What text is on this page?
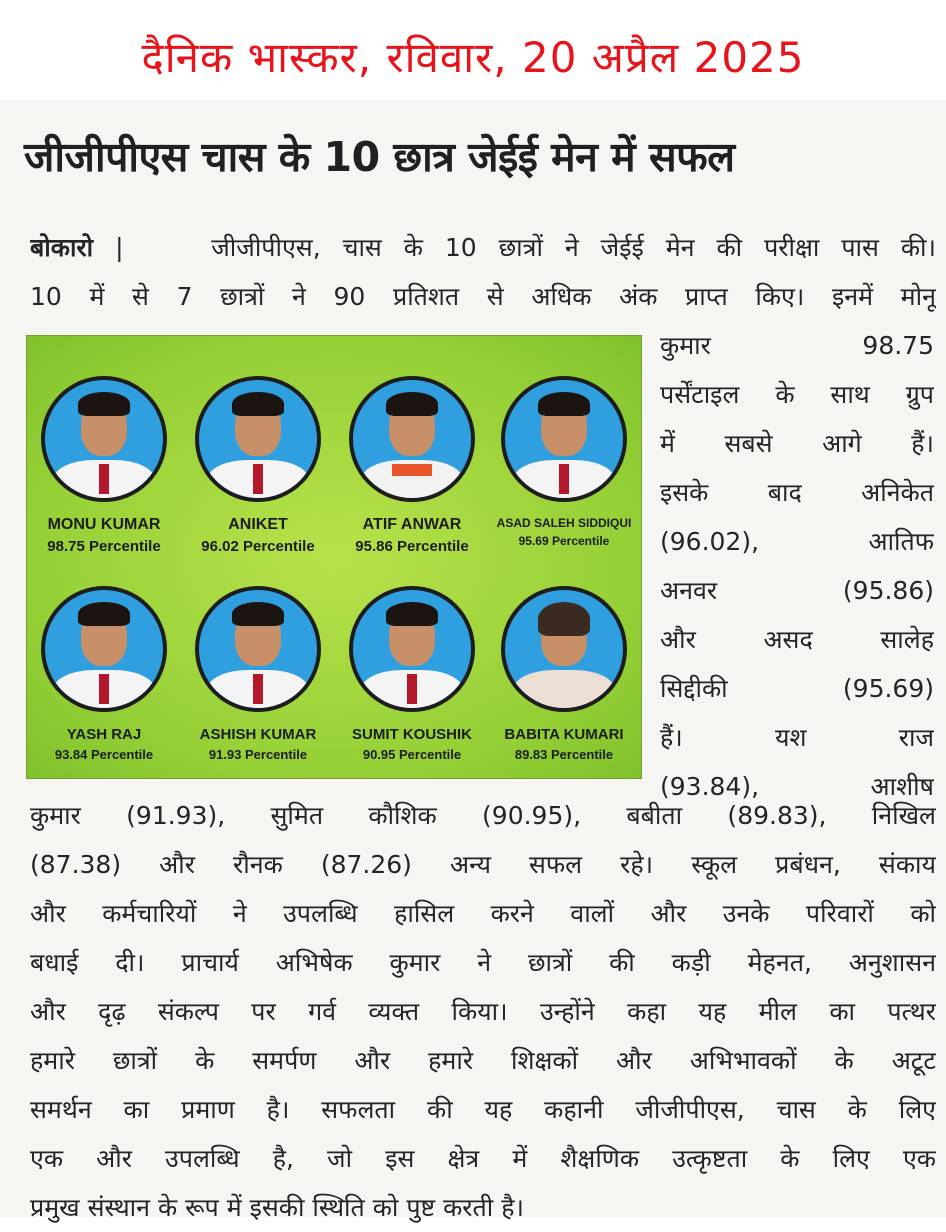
दैनिक भास्कर, रविवार, 20 अप्रैल 2025
जीजीपीएस चास के 10 छात्र जेईई मेन में सफल
बोकारो |    जीजीपीएस, चास के 10 छात्रों ने जेईई मेन की परीक्षा पास की।
10 में से 7 छात्रों ने 90 प्रतिशत से अधिक अंक प्राप्त किए। इनमें मोनू
MONU KUMAR
98.75 Percentile
ANIKET
96.02 Percentile
ATIF ANWAR
95.86 Percentile
ASAD SALEH SIDDIQUI
95.69 Percentile
YASH RAJ
93.84 Percentile
ASHISH KUMAR
91.93 Percentile
SUMIT KOUSHIK
90.95 Percentile
BABITA KUMARI
89.83 Percentile
कुमार 98.75
पर्सेंटाइल के साथ ग्रुप
में सबसे आगे हैं।
इसके बाद अनिकेत
(96.02), आतिफ
अनवर (95.86)
और असद सालेह
सिद्दीकी (95.69)
हैं। यश राज
(93.84), आशीष
कुमार (91.93), सुमित कौशिक (90.95), बबीता (89.83), निखिल
(87.38) और रौनक (87.26) अन्य सफल रहे। स्कूल प्रबंधन, संकाय
और कर्मचारियों ने उपलब्धि हासिल करने वालों और उनके परिवारों को
बधाई दी। प्राचार्य अभिषेक कुमार ने छात्रों की कड़ी मेहनत, अनुशासन
और दृढ़ संकल्प पर गर्व व्यक्त किया। उन्होंने कहा यह मील का पत्थर
हमारे छात्रों के समर्पण और हमारे शिक्षकों और अभिभावकों के अटूट
समर्थन का प्रमाण है। सफलता की यह कहानी जीजीपीएस, चास के लिए
एक और उपलब्धि है, जो इस क्षेत्र में शैक्षणिक उत्कृष्टता के लिए एक
प्रमुख संस्थान के रूप में इसकी स्थिति को पुष्ट करती है।
